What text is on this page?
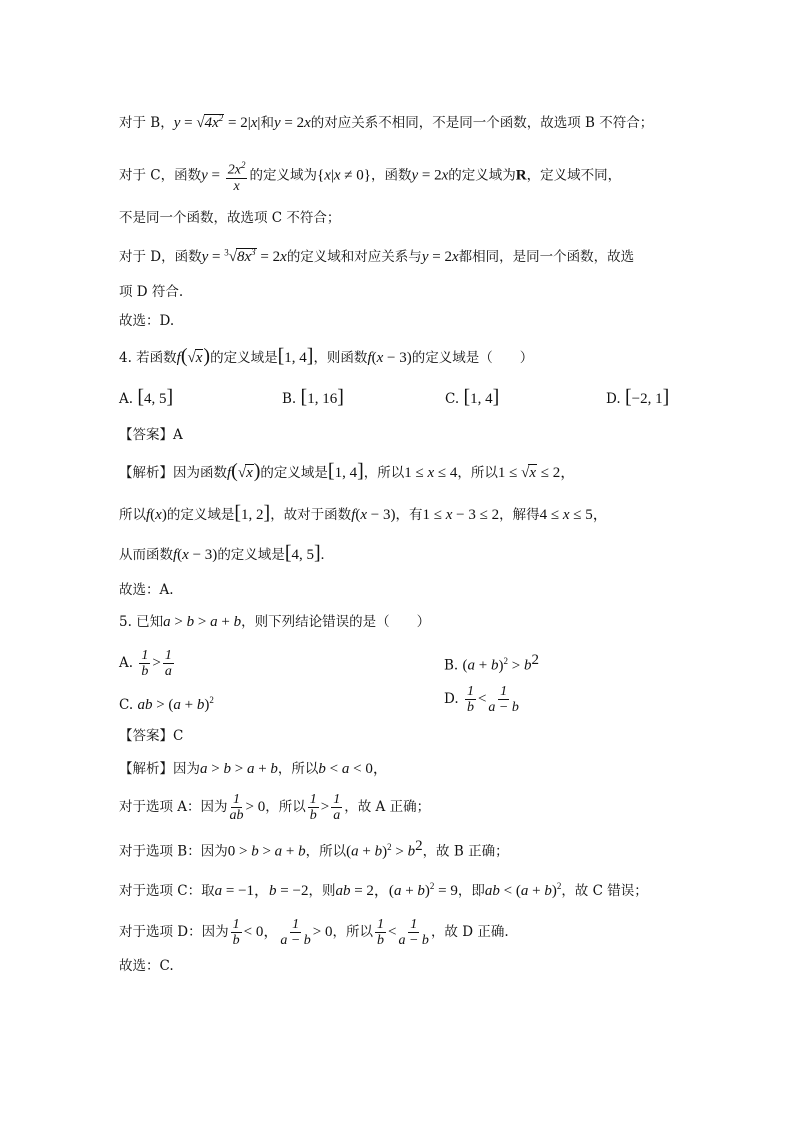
对于 B，$y = √4x^2 = 2|x|$和y = 2x的对应关系不相同，不是同一个函数，故选项 B 不符合；
对于 C，函数$y = \frac{2x^2}{x}$ 的定义域为{x|x ≠ 0}，函数y = 2x的定义域为R，定义域不同，
不是同一个函数，故选项 C 不符合；
对于 D，函数$y = ^3√8x^3 = 2x$的定义域和对应关系与y = 2x都相同，是同一个函数，故选
项 D 符合.
故选：D.
4. 若函数f(√x)的定义域是[1, 4]，则函数f(x − 3)的定义域是（　　）
A. [4, 5]	B. [1, 16]	C. [1, 4]	D. [−2, 1]
【答案】A
【解析】因为函数f(√x)的定义域是[1, 4]，所以1 ≤ x ≤ 4，所以1 ≤ √x ≤ 2，
所以f(x)的定义域是[1, 2]，故对于函数f(x − 3)，有1 ≤ x − 3 ≤ 2，解得4 ≤ x ≤ 5，
从而函数f(x − 3)的定义域是[4, 5].
故选：A.
5. 已知a > b > a + b，则下列结论错误的是（　　）
A. $\frac{1}{b} > \frac{1}{a}$	B. $(a + b)^2 > b^2$
C. ab > $(a + b)^2$	D. $\frac{1}{b} < \frac{1}{a - b}$
【答案】C
【解析】因为a > b > a + b，所以b < a < 0，
对于选项 A：因为 $\frac{1}{ab} > 0$，所以 $\frac{1}{b} > \frac{1}{a}$ ，故 A 正确；
对于选项 B：因为0 > b > a + b，所以$(a + b)^2 > b^2$，故 B 正确；
对于选项 C：取a = −1，b = −2，则ab = 2，$(a + b)^2 = 9$，即ab < $(a + b)^2$，故 C 错误；
对于选项 D：因为 $\frac{1}{b} < 0$， $\frac{1}{a - b} > 0$，所以 $\frac{1}{b} < \frac{1}{a - b}$ ，故 D 正确.
故选：C.
